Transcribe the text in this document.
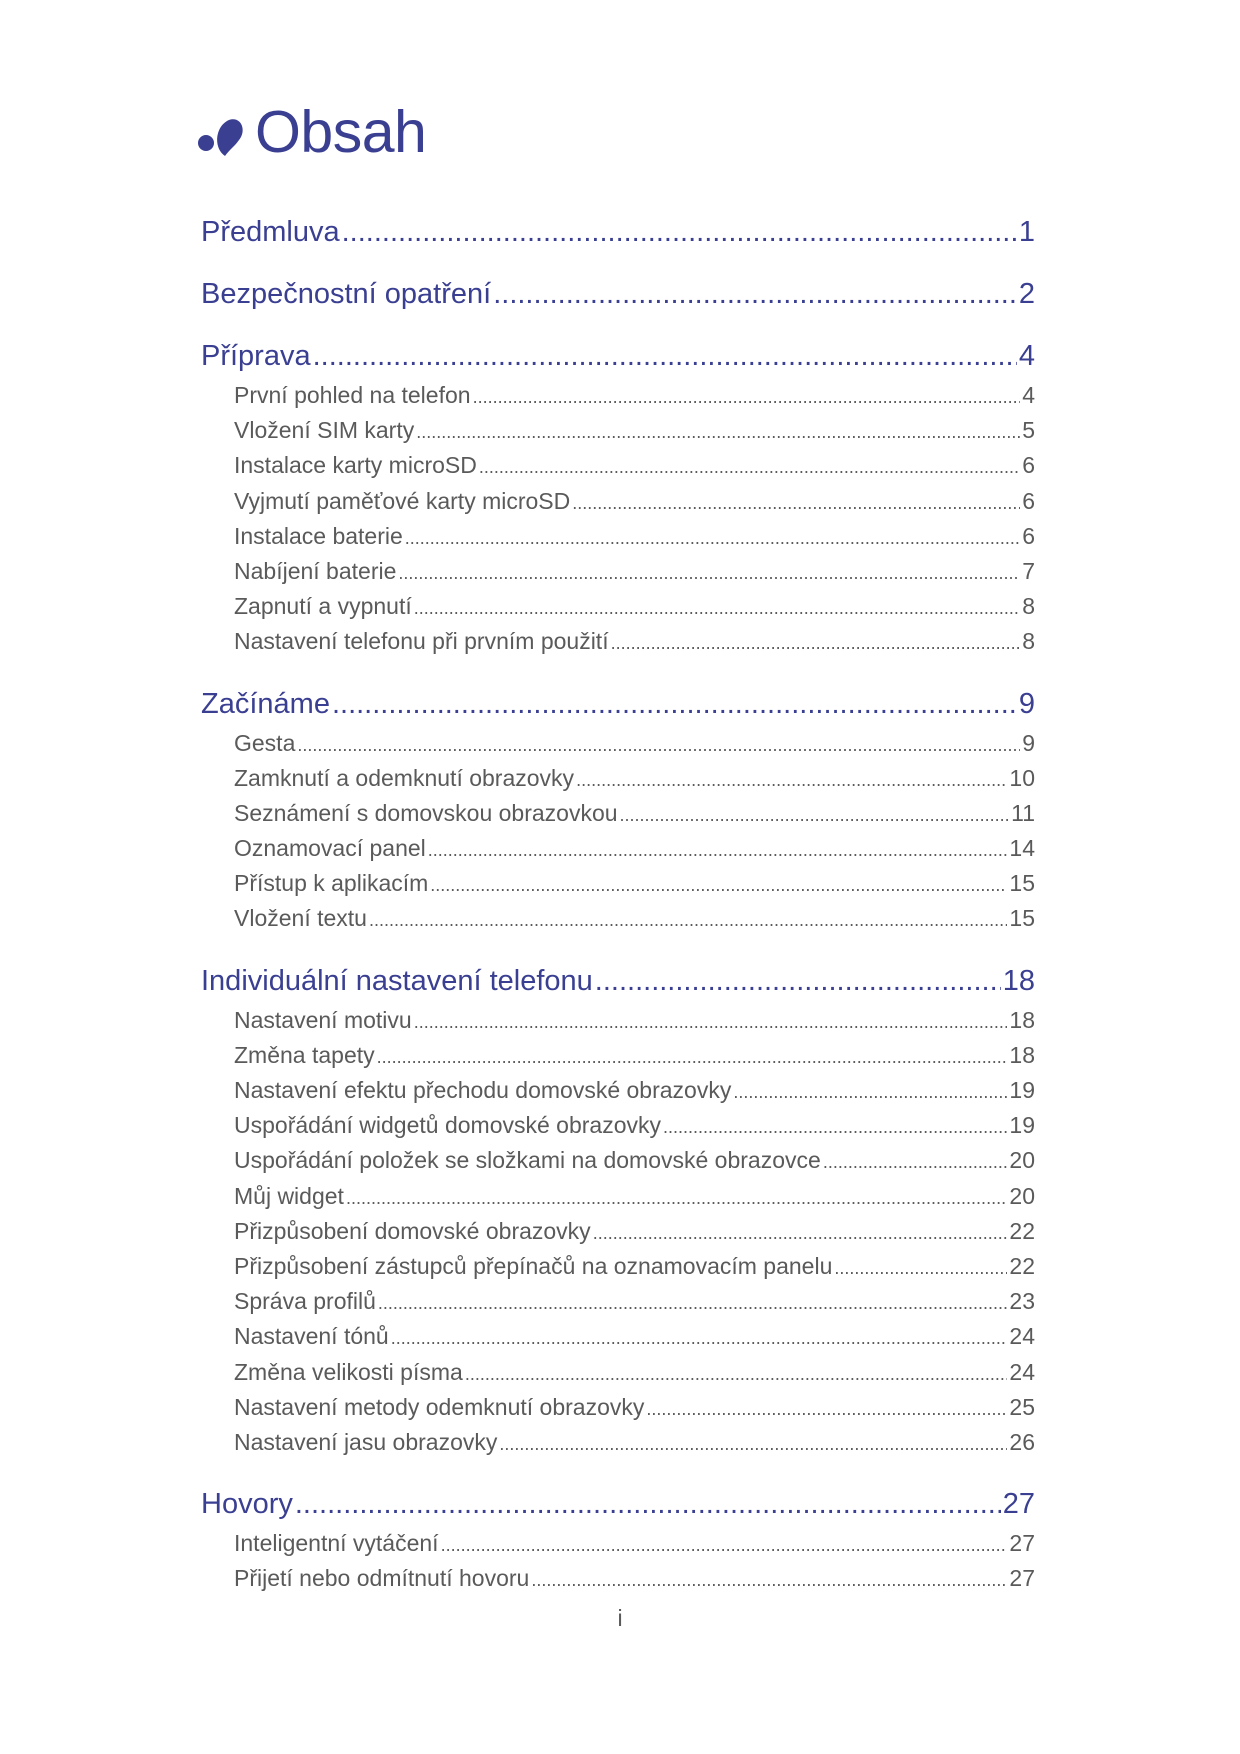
Obsah
Předmluva .....	1
Bezpečnostní opatření .....	2
Příprava .....	4
První pohled na telefon .....	4
Vložení SIM karty .....	5
Instalace karty microSD .....	6
Vyjmutí paměťové karty microSD .....	6
Instalace baterie .....	6
Nabíjení baterie .....	7
Zapnutí a vypnutí .....	8
Nastavení telefonu při prvním použití .....	8
Začínáme .....	9
Gesta .....	9
Zamknutí a odemknutí obrazovky .....	10
Seznámení s domovskou obrazovkou .....	11
Oznamovací panel .....	14
Přístup k aplikacím .....	15
Vložení textu .....	15
Individuální nastavení telefonu .....	18
Nastavení motivu .....	18
Změna tapety .....	18
Nastavení efektu přechodu domovské obrazovky .....	19
Uspořádání widgetů domovské obrazovky .....	19
Uspořádání položek se složkami na domovské obrazovce .....	20
Můj widget .....	20
Přizpůsobení domovské obrazovky .....	22
Přizpůsobení zástupců přepínačů na oznamovacím panelu .....	22
Správa profilů .....	23
Nastavení tónů .....	24
Změna velikosti písma .....	24
Nastavení metody odemknutí obrazovky .....	25
Nastavení jasu obrazovky .....	26
Hovory .....	27
Inteligentní vytáčení .....	27
Přijetí nebo odmítnutí hovoru .....	27
i
